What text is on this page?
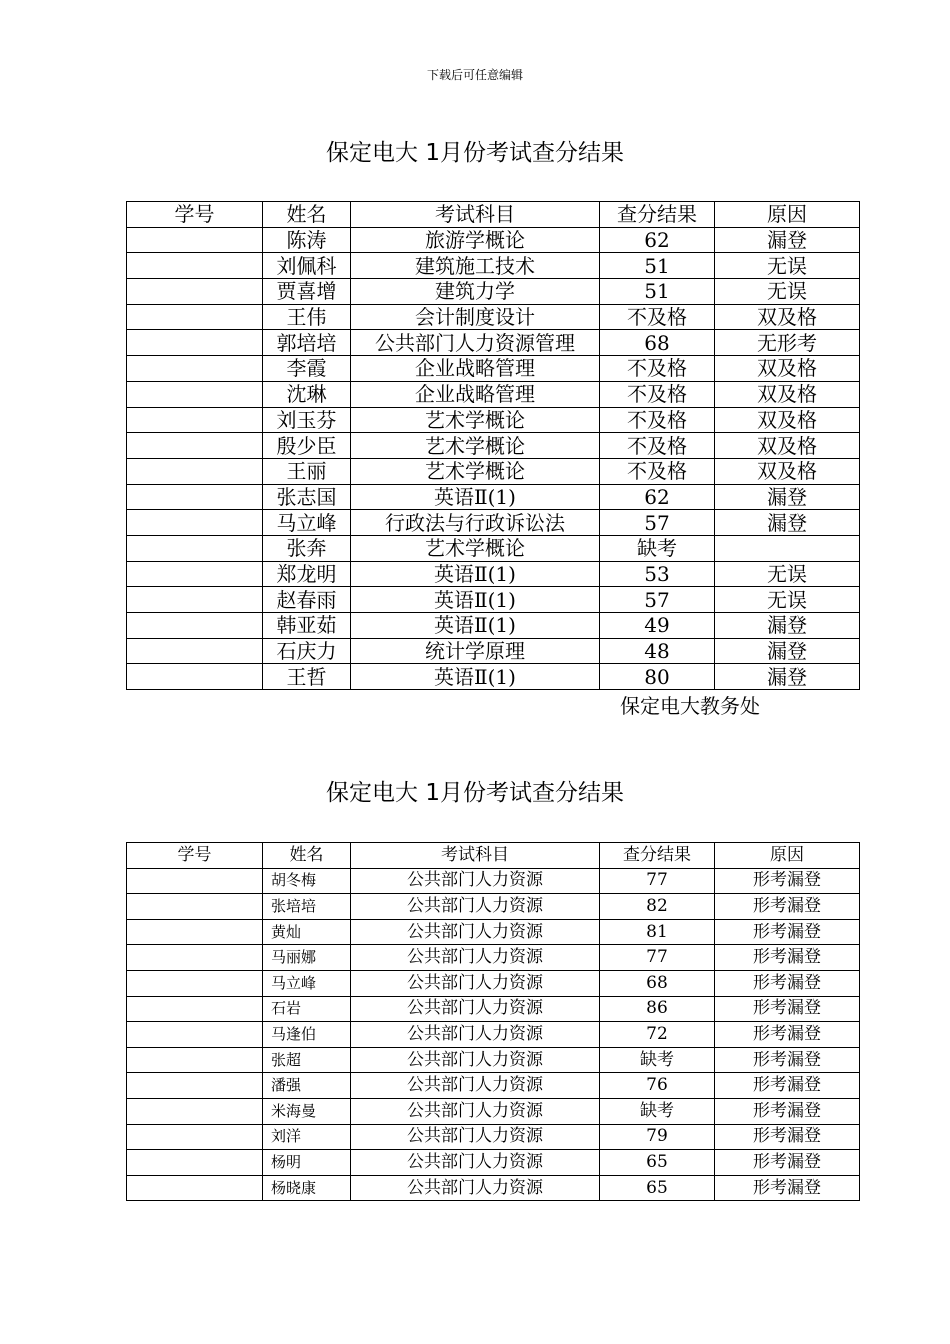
下载后可任意编辑
保定电大 1月份考试查分结果
学号	姓名	考试科目	查分结果	原因
	陈涛	旅游学概论	62	漏登
	刘佩科	建筑施工技术	51	无误
	贾喜增	建筑力学	51	无误
	王伟	会计制度设计	不及格	双及格
	郭培培	公共部门人力资源管理	68	无形考
	李霞	企业战略管理	不及格	双及格
	沈琳	企业战略管理	不及格	双及格
	刘玉芬	艺术学概论	不及格	双及格
	殷少臣	艺术学概论	不及格	双及格
	王丽	艺术学概论	不及格	双及格
	张志国	英语Ⅱ(1)	62	漏登
	马立峰	行政法与行政诉讼法	57	漏登
	张奔	艺术学概论	缺考	
	郑龙明	英语Ⅱ(1)	53	无误
	赵春雨	英语Ⅱ(1)	57	无误
	韩亚茹	英语Ⅱ(1)	49	漏登
	石庆力	统计学原理	48	漏登
	王哲	英语Ⅱ(1)	80	漏登
保定电大教务处
保定电大 1月份考试查分结果
学号	姓名	考试科目	查分结果	原因
	胡冬梅	公共部门人力资源	77	形考漏登
	张培培	公共部门人力资源	82	形考漏登
	黄灿	公共部门人力资源	81	形考漏登
	马丽娜	公共部门人力资源	77	形考漏登
	马立峰	公共部门人力资源	68	形考漏登
	石岩	公共部门人力资源	86	形考漏登
	马逢伯	公共部门人力资源	72	形考漏登
	张超	公共部门人力资源	缺考	形考漏登
	潘强	公共部门人力资源	76	形考漏登
	米海曼	公共部门人力资源	缺考	形考漏登
	刘洋	公共部门人力资源	79	形考漏登
	杨明	公共部门人力资源	65	形考漏登
	杨晓康	公共部门人力资源	65	形考漏登
